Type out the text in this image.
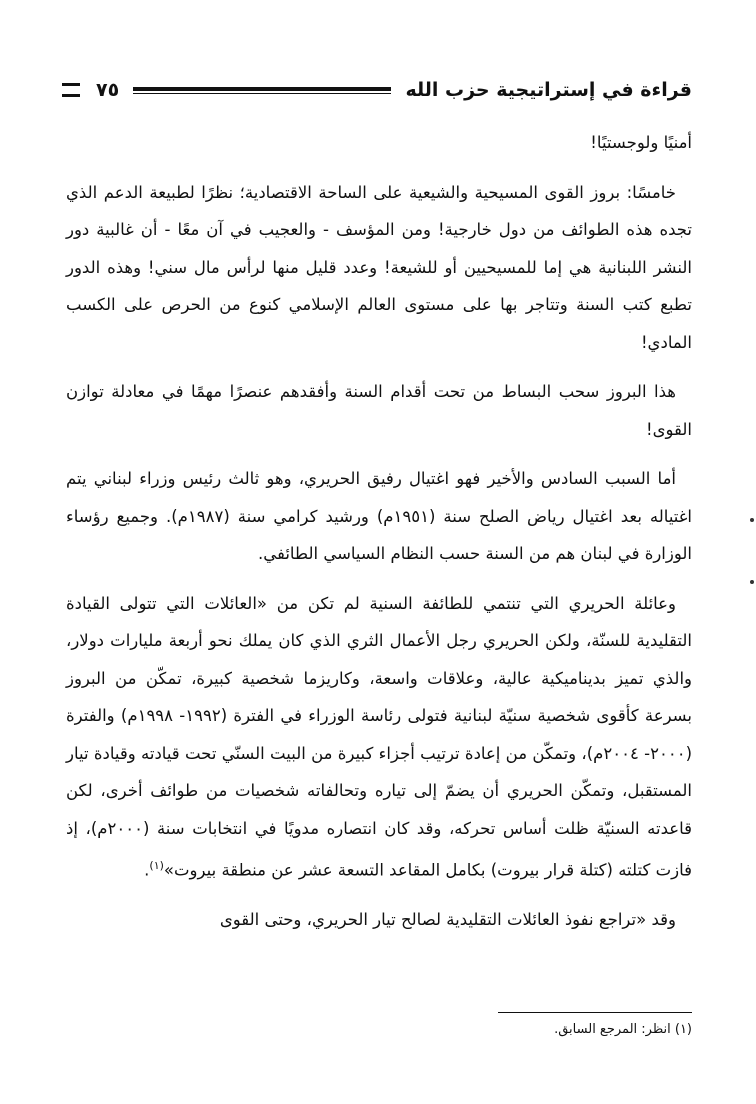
قراءة في إستراتيجية حزب الله
٧٥

أمنيًا ولوجستيًا!

خامسًا: بروز القوى المسيحية والشيعية على الساحة الاقتصادية؛ نظرًا لطبيعة الدعم الذي تجده هذه الطوائف من دول خارجية! ومن المؤسف - والعجيب في آن معًا - أن غالبية دور النشر اللبنانية هي إما للمسيحيين أو للشيعة! وعدد قليل منها لرأس مال سني! وهذه الدور تطبع كتب السنة وتتاجر بها على مستوى العالم الإسلامي كنوع من الحرص على الكسب المادي!

هذا البروز سحب البساط من تحت أقدام السنة وأفقدهم عنصرًا مهمًا في معادلة توازن القوى!

أما السبب السادس والأخير فهو اغتيال رفيق الحريري، وهو ثالث رئيس وزراء لبناني يتم اغتياله بعد اغتيال رياض الصلح سنة (١٩٥١م) ورشيد كرامي سنة (١٩٨٧م). وجميع رؤساء الوزارة في لبنان هم من السنة حسب النظام السياسي الطائفي.

وعائلة الحريري التي تنتمي للطائفة السنية لم تكن من «العائلات التي تتولى القيادة التقليدية للسنّة، ولكن الحريري رجل الأعمال الثري الذي كان يملك نحو أربعة مليارات دولار، والذي تميز بديناميكية عالية، وعلاقات واسعة، وكاريزما شخصية كبيرة، تمكّن من البروز بسرعة كأقوى شخصية سنيّة لبنانية فتولى رئاسة الوزراء في الفترة (١٩٩٢- ١٩٩٨م) والفترة (٢٠٠٠- ٢٠٠٤م)، وتمكّن من إعادة ترتيب أجزاء كبيرة من البيت السنّي تحت قيادته وقيادة تيار المستقبل، وتمكّن الحريري أن يضمّ إلى تياره وتحالفاته شخصيات من طوائف أخرى، لكن قاعدته السنيّة ظلت أساس تحركه، وقد كان انتصاره مدويًا في انتخابات سنة (٢٠٠٠م)، إذ فازت كتلته (كتلة قرار بيروت) بكامل المقاعد التسعة عشر عن منطقة بيروت»$^{(١)}$.

وقد «تراجع نفوذ العائلات التقليدية لصالح تيار الحريري، وحتى القوى

(١) انظر: المرجع السابق.
